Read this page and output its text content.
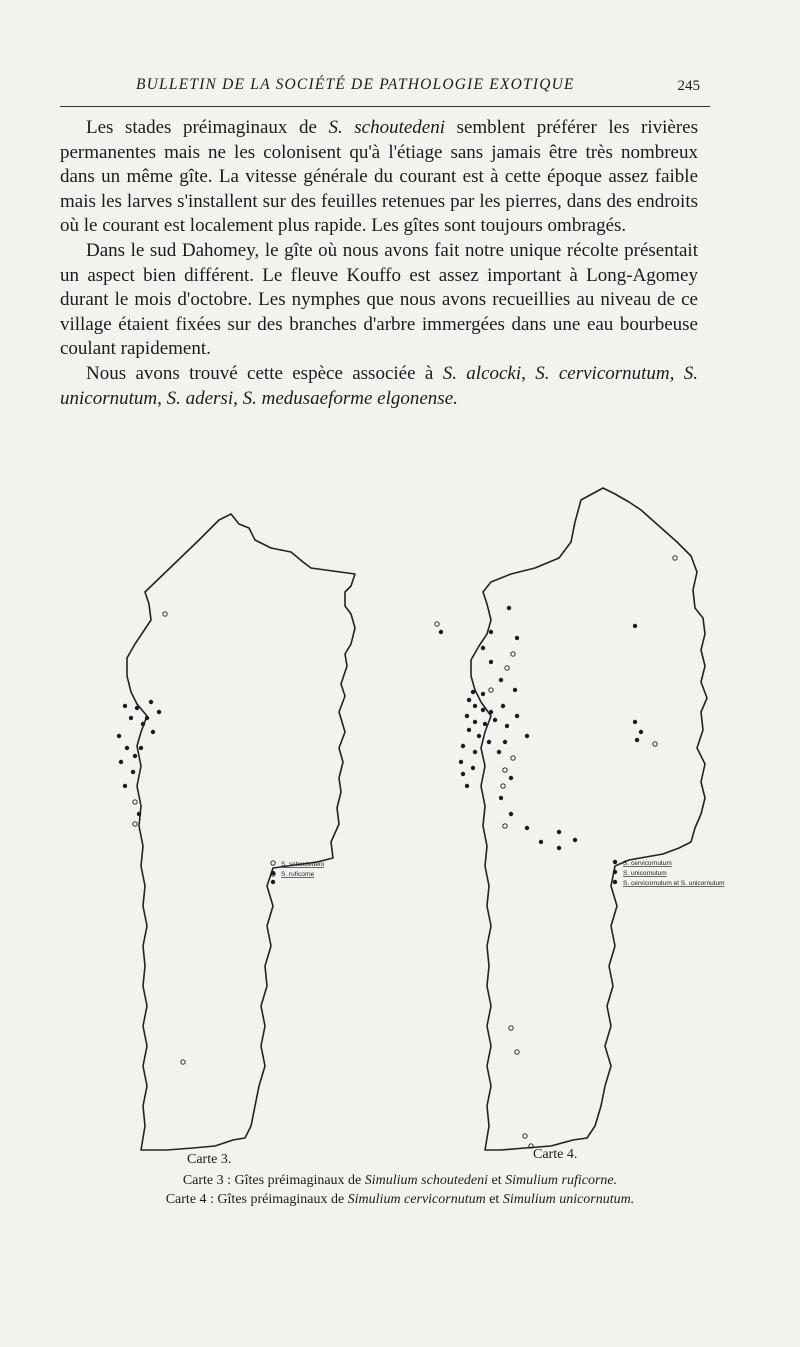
BULLETIN DE LA SOCIÉTÉ DE PATHOLOGIE EXOTIQUE	245

Les stades préimaginaux de S. schoutedeni semblent préférer les rivières permanentes mais ne les colonisent qu'à l'étiage sans jamais être très nombreux dans un même gîte. La vitesse générale du courant est à cette époque assez faible mais les larves s'installent sur des feuilles retenues par les pierres, dans des endroits où le courant est localement plus rapide. Les gîtes sont toujours ombragés.

Dans le sud Dahomey, le gîte où nous avons fait notre unique récolte présentait un aspect bien différent. Le fleuve Kouffo est assez important à Long-Agomey durant le mois d'octobre. Les nymphes que nous avons recueillies au niveau de ce village étaient fixées sur des branches d'arbre immergées dans une eau bourbeuse coulant rapidement.

Nous avons trouvé cette espèce associée à S. alcocki, S. cervicornutum, S. unicornutum, S. adersi, S. medusaeforme elgonense.

S. schoutedeni
S. ruficorne
S. cervicornutum
S. unicornutum
S. cervicornutum et S. unicornutum
Carte 3.	Carte 4.
Carte 3 : Gîtes préimaginaux de Simulium schoutedeni et Simulium ruficorne.
Carte 4 : Gîtes préimaginaux de Simulium cervicornutum et Simulium unicornutum.
